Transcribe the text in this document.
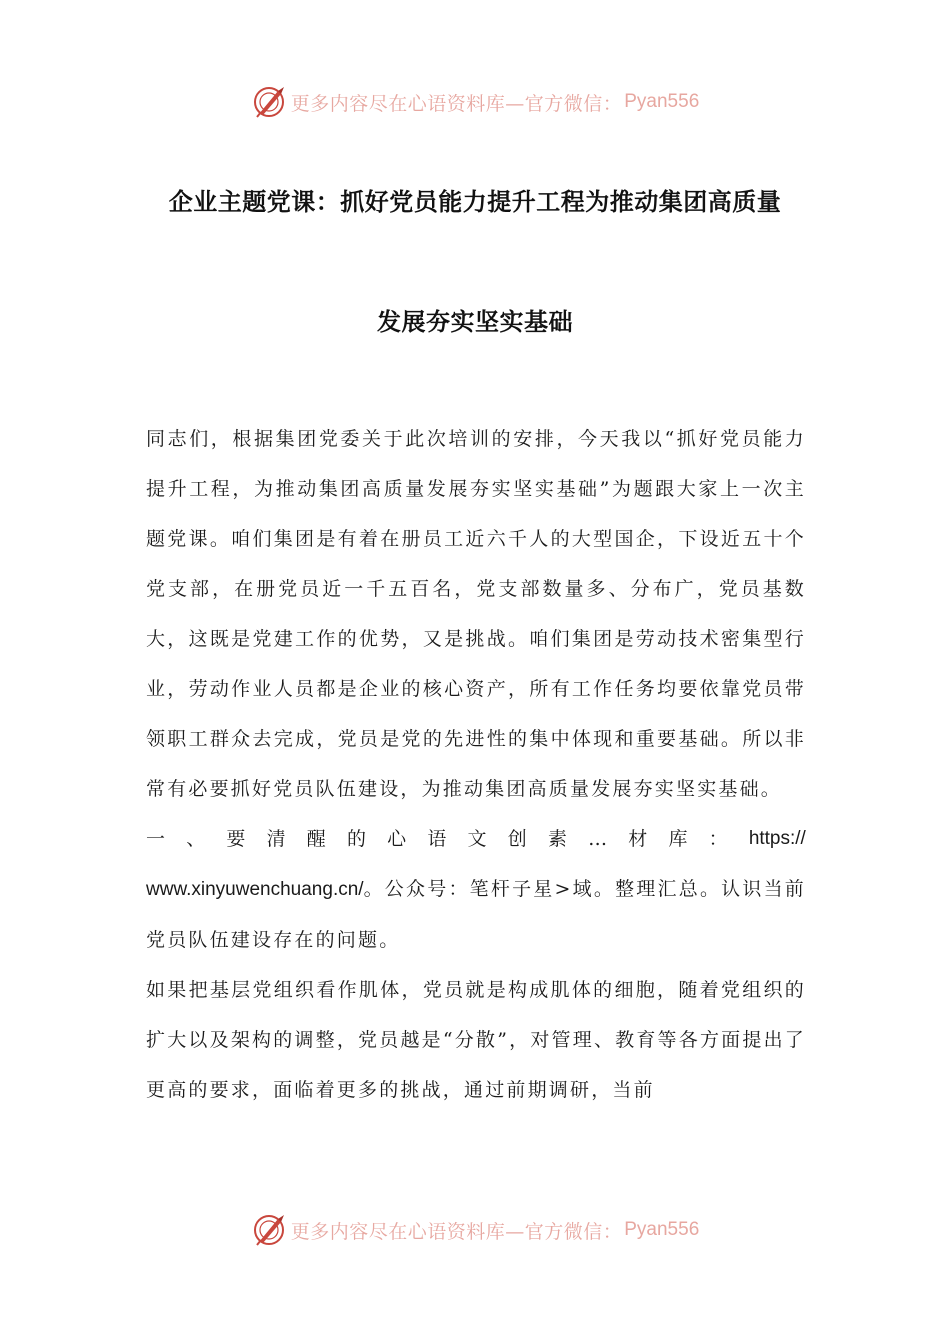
更多内容尽在心语资料库—官方微信： Pyan556
企业主题党课：抓好党员能力提升工程为推动集团高质量
发展夯实坚实基础

同志们，根据集团党委关于此次培训的安排，今天我以“抓好党员能力提升工程，为推动集团高质量发展夯实坚实基础”为题跟大家上一次主题党课。咱们集团是有着在册员工近六千人的大型国企，下设近五十个党支部，在册党员近一千五百名，党支部数量多、分布广，党员基数大，这既是党建工作的优势，又是挑战。咱们集团是劳动技术密集型行业，劳动作业人员都是企业的核心资产，所有工作任务均要依靠党员带领职工群众去完成，党员是党的先进性的集中体现和重要基础。所以非常有必要抓好党员队伍建设，为推动集团高质量发展夯实坚实基础。

一 、 要 清 醒 的 心 语 文 创 素 … 材 库 ： https://
www.xinyuwenchuang.cn/。公众号：笔杆子星>域。整理汇总。认识当前党员队伍建设存在的问题。

如果把基层党组织看作肌体，党员就是构成肌体的细胞，随着党组织的扩大以及架构的调整，党员越是“分散”，对管理、教育等各方面提出了更高的要求，面临着更多的挑战，通过前期调研，当前

更多内容尽在心语资料库—官方微信： Pyan556
